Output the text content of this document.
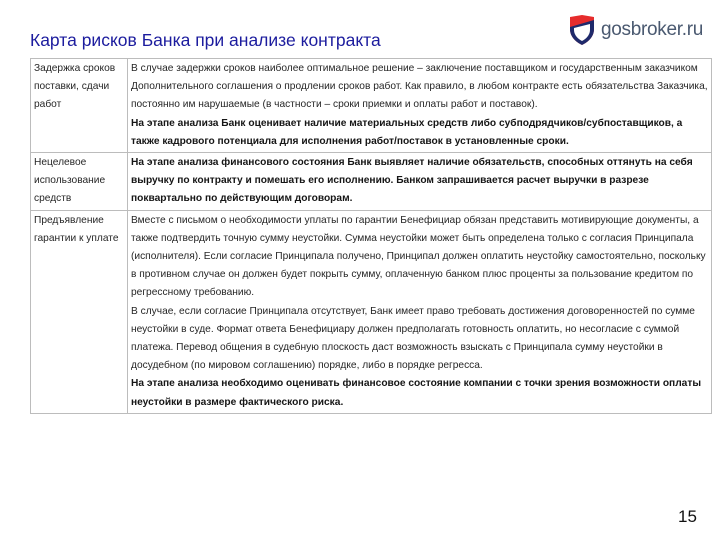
Карта рисков Банка при анализе контракта	gosbroker.ru
Задержка сроков поставки, сдачи работ	В случае задержки сроков наиболее оптимальное решение – заключение поставщиком и государственным заказчиком Дополнительного соглашения о продлении сроков работ. Как правило, в любом контракте есть обязательства Заказчика, постоянно им нарушаемые (в частности – сроки приемки и оплаты работ и поставок).
На этапе анализа Банк оценивает наличие материальных средств либо субподрядчиков/субпоставщиков, а также кадрового потенциала для исполнения работ/поставок в установленные сроки.

Нецелевое использование средств	На этапе анализа финансового состояния Банк выявляет наличие обязательств, способных оттянуть на себя выручку по контракту и помешать его исполнению. Банком запрашивается расчет выручки в разрезе поквартально по действующим договорам.

Предъявление гарантии к уплате	Вместе с письмом о необходимости уплаты по гарантии Бенефициар обязан представить мотивирующие документы, а также подтвердить точную сумму неустойки. Сумма неустойки может быть определена только с согласия Принципала (исполнителя). Если согласие Принципала получено, Принципал должен оплатить неустойку самостоятельно, поскольку в противном случае он должен будет покрыть сумму, оплаченную банком плюс проценты за пользование кредитом по регрессному требованию.
В случае, если согласие Принципала отсутствует, Банк имеет право требовать достижения договоренностей по сумме неустойки в суде. Формат ответа Бенефициару должен предполагать готовность оплатить, но несогласие с суммой платежа. Перевод общения в судебную плоскость даст возможность взыскать с Принципала сумму неустойки в досудебном (по мировом соглашению) порядке, либо в порядке регресса.
На этапе анализа необходимо оценивать финансовое состояние компании с точки зрения возможности оплаты неустойки в размере фактического риска.
15
